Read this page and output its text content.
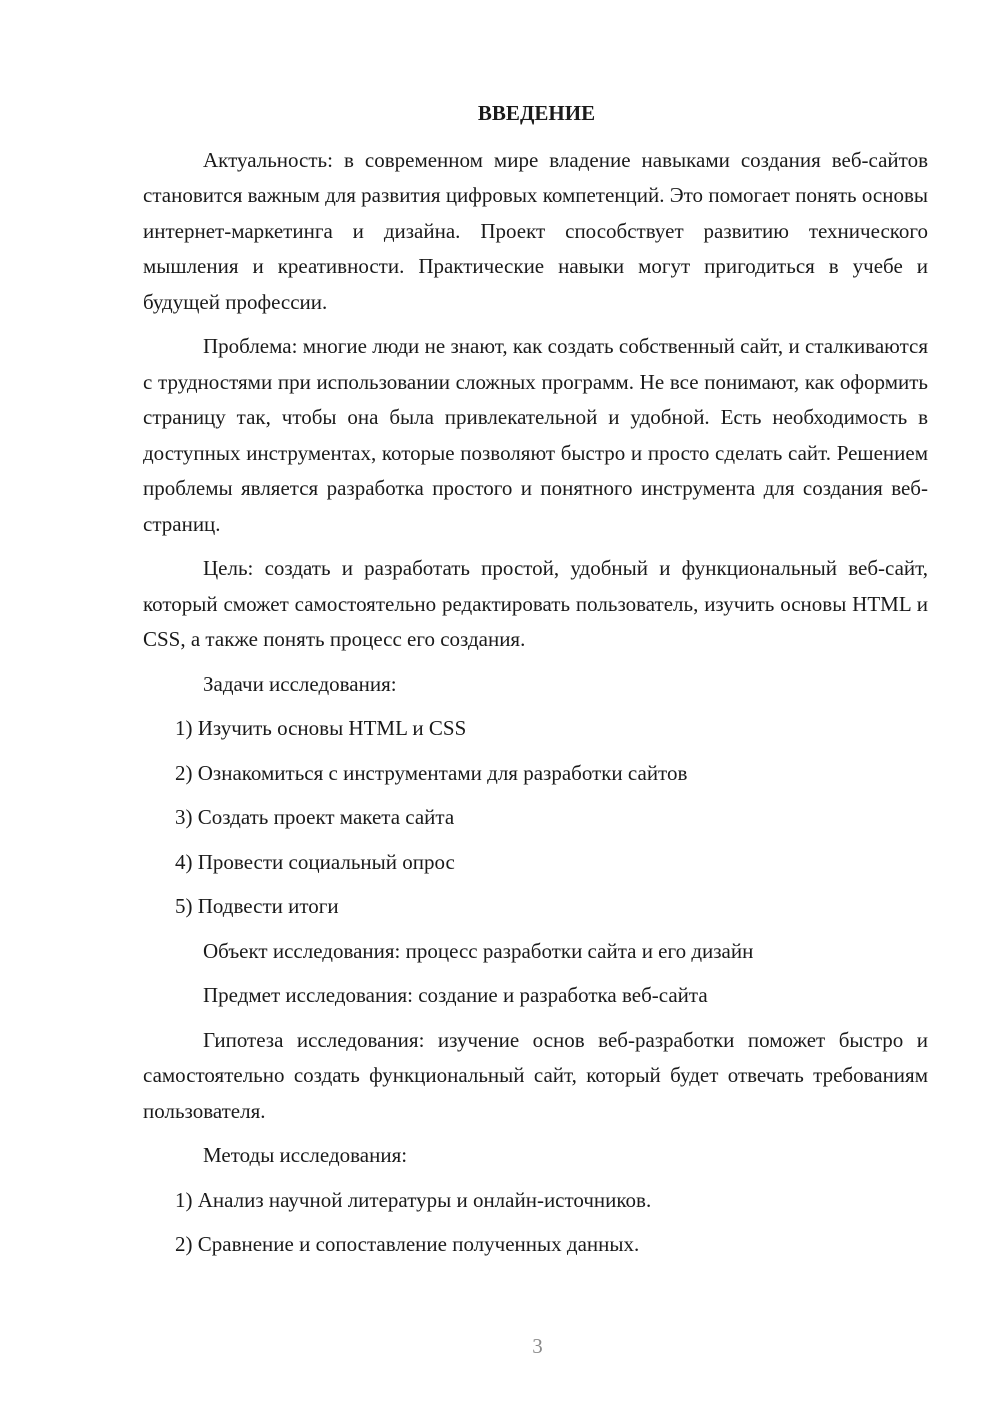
ВВЕДЕНИЕ

Актуальность: в современном мире владение навыками создания веб-сайтов становится важным для развития цифровых компетенций. Это помогает понять основы интернет-маркетинга и дизайна. Проект способствует развитию технического мышления и креативности. Практические навыки могут пригодиться в учебе и будущей профессии.

Проблема: многие люди не знают, как создать собственный сайт, и сталкиваются с трудностями при использовании сложных программ. Не все понимают, как оформить страницу так, чтобы она была привлекательной и удобной. Есть необходимость в доступных инструментах, которые позволяют быстро и просто сделать сайт. Решением проблемы является разработка простого и понятного инструмента для создания веб-страниц.

Цель: создать и разработать простой, удобный и функциональный веб-сайт, который сможет самостоятельно редактировать пользователь, изучить основы HTML и CSS, а также понять процесс его создания.

Задачи исследования:

1) Изучить основы HTML и CSS

2) Ознакомиться с инструментами для разработки сайтов

3) Создать проект макета сайта

4) Провести социальный опрос

5) Подвести итоги

Объект исследования: процесс разработки сайта и его дизайн

Предмет исследования: создание и разработка веб-сайта

Гипотеза исследования: изучение основ веб-разработки поможет быстро и самостоятельно создать функциональный сайт, который будет отвечать требованиям пользователя.

Методы исследования:

1) Анализ научной литературы и онлайн-источников.

2) Сравнение и сопоставление полученных данных.

3
